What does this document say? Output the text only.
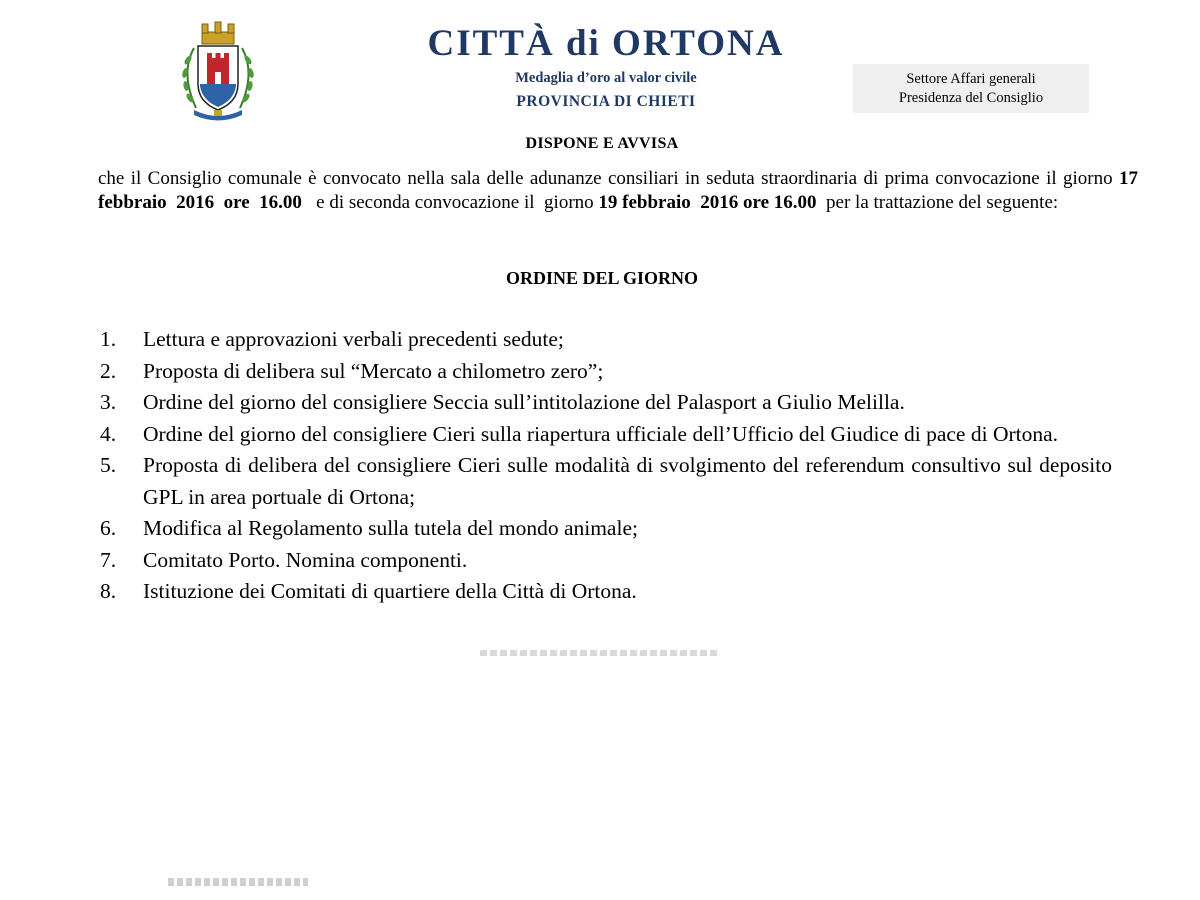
CITTÀ di ORTONA
Medaglia d’oro al valor civile
PROVINCIA DI CHIETI
Settore Affari generali
Presidenza del Consiglio
DISPONE E AVVISA

che il Consiglio comunale è convocato nella sala delle adunanze consiliari in seduta straordinaria di prima convocazione il giorno 17 febbraio  2016  ore  16.00   e di seconda convocazione il  giorno 19 febbraio  2016 ore 16.00  per la trattazione del seguente:

ORDINE DEL GIORNO
1.	Lettura e approvazioni verbali precedenti sedute;
2.	Proposta di delibera sul “Mercato a chilometro zero”;
3.	Ordine del giorno del consigliere Seccia sull’intitolazione del Palasport a Giulio Melilla.
4.	Ordine del giorno del consigliere Cieri sulla riapertura ufficiale dell’Ufficio del Giudice di pace di Ortona.
5.	Proposta di delibera del consigliere Cieri sulle modalità di svolgimento del referendum consultivo sul deposito GPL in area portuale di Ortona;
6.	Modifica al Regolamento sulla tutela del mondo animale;
7.	Comitato Porto. Nomina componenti.
8.	Istituzione dei Comitati di quartiere della Città di Ortona.
